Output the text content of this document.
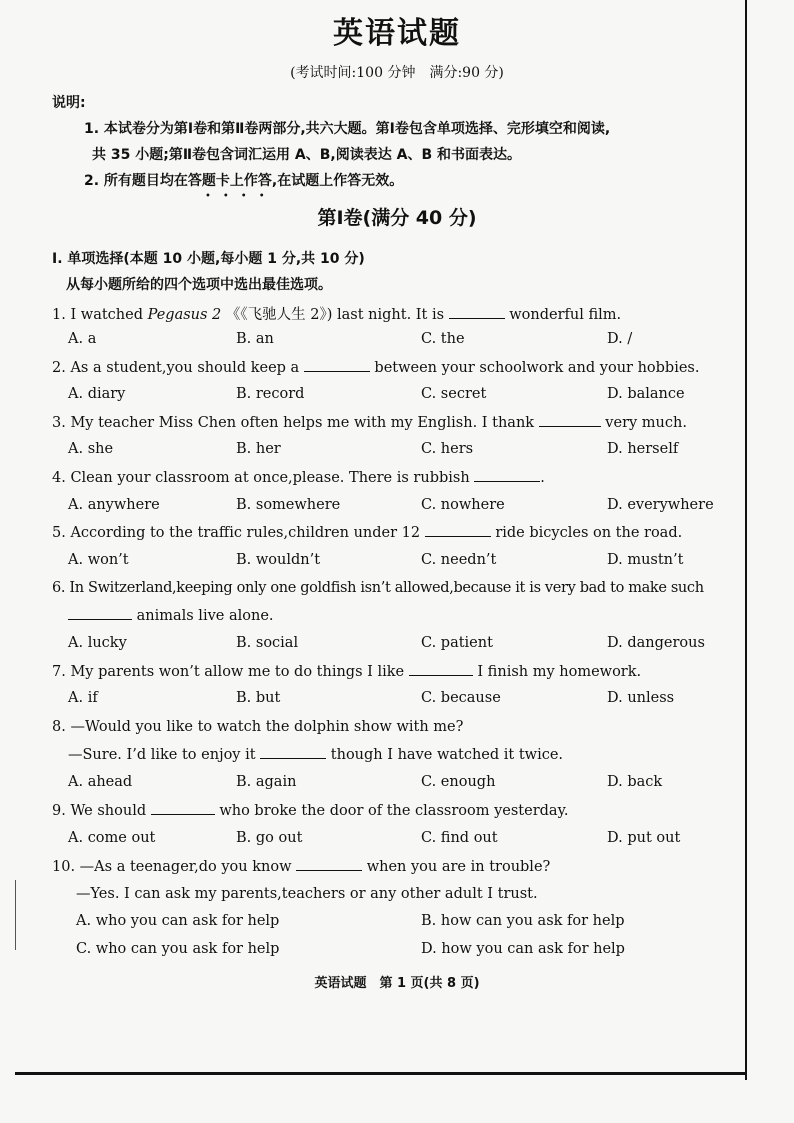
英语试题
(考试时间:100 分钟　满分:90 分)
说明:
1. 本试卷分为第Ⅰ卷和第Ⅱ卷两部分,共六大题。第Ⅰ卷包含单项选择、完形填空和阅读,
共 35 小题;第Ⅱ卷包含词汇运用 A、B,阅读表达 A、B 和书面表达。
2. 所有题目均在答题卡上作答,在试题上作答无效。
••••
第Ⅰ卷(满分 40 分)
Ⅰ. 单项选择(本题 10 小题,每小题 1 分,共 10 分)
从每小题所给的四个选项中选出最佳选项。
1. I watched Pegasus 2 《《飞驰人生 2》) last night. It is	wonderful film.
A. a	B. an	C. the	D. /
2. As a student,you should keep a	between your schoolwork and your hobbies.
A. diary	B. record	C. secret	D. balance
3. My teacher Miss Chen often helps me with my English. I thank	very much.
A. she	B. her	C. hers	D. herself
4. Clean your classroom at once,please. There is rubbish	.
A. anywhere	B. somewhere	C. nowhere	D. everywhere
5. According to the traffic rules,children under 12	ride bicycles on the road.
A. won’t	B. wouldn’t	C. needn’t	D. mustn’t
6. In Switzerland,keeping only one goldfish isn’t allowed,because it is very bad to make such
animals live alone.
A. lucky	B. social	C. patient	D. dangerous
7. My parents won’t allow me to do things I like	I finish my homework.
A. if	B. but	C. because	D. unless
8. —Would you like to watch the dolphin show with me?
—Sure. I’d like to enjoy it	though I have watched it twice.
A. ahead	B. again	C. enough	D. back
9. We should	who broke the door of the classroom yesterday.
A. come out	B. go out	C. find out	D. put out
10. —As a teenager,do you know	when you are in trouble?
—Yes. I can ask my parents,teachers or any other adult I trust.
A. who you can ask for help	B. how can you ask for help
C. who can you ask for help	D. how you can ask for help
英语试题　第 1 页(共 8 页)
